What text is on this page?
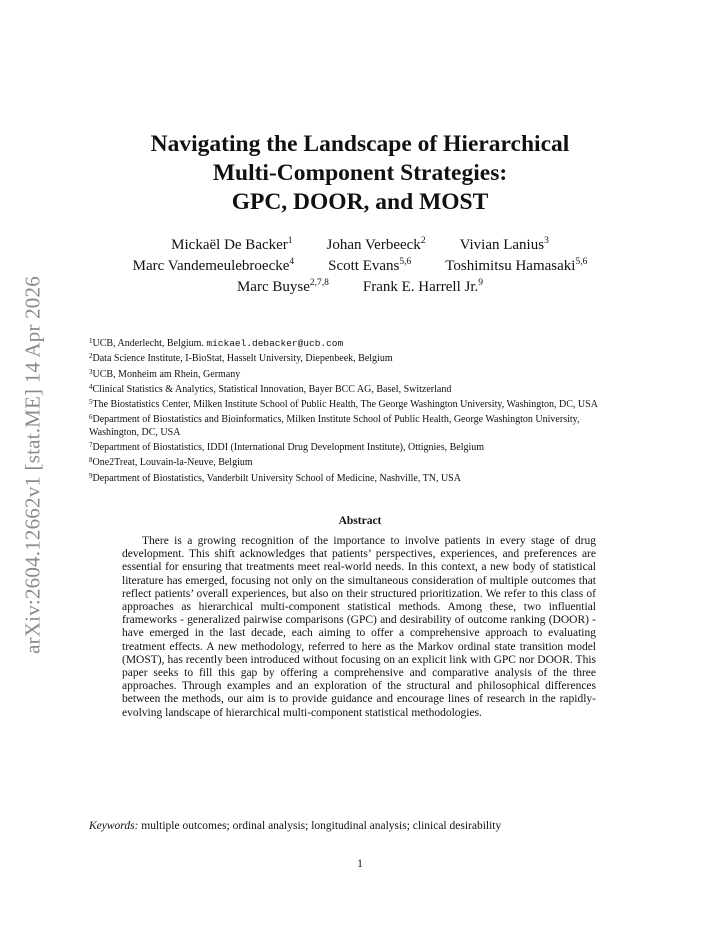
arXiv:2604.12662v1 [stat.ME] 14 Apr 2026
Navigating the Landscape of Hierarchical
Multi-Component Strategies:
GPC, DOOR, and MOST
Mickaël De Backer$^1$	Johan Verbeeck$^2$	Vivian Lanius$^3$
Marc Vandemeulebroecke$^4$	Scott Evans$^{5,6}$	Toshimitsu Hamasaki$^{5,6}$
Marc Buyse$^{2,7,8}$	Frank E. Harrell Jr.$^9$
$^1$UCB, Anderlecht, Belgium. mickael.debacker@ucb.com
$^2$Data Science Institute, I-BioStat, Hasselt University, Diepenbeek, Belgium
$^3$UCB, Monheim am Rhein, Germany
$^4$Clinical Statistics & Analytics, Statistical Innovation, Bayer BCC AG, Basel, Switzerland
$^5$The Biostatistics Center, Milken Institute School of Public Health, The George Washington University, Washington, DC, USA
$^6$Department of Biostatistics and Bioinformatics, Milken Institute School of Public Health, George Washington University, Washington, DC, USA
$^7$Department of Biostatistics, IDDI (International Drug Development Institute), Ottignies, Belgium
$^8$One2Treat, Louvain-la-Neuve, Belgium
$^9$Department of Biostatistics, Vanderbilt University School of Medicine, Nashville, TN, USA
Abstract

There is a growing recognition of the importance to involve patients in every stage of drug development. This shift acknowledges that patients’ perspectives, experiences, and preferences are essential for ensuring that treatments meet real-world needs. In this context, a new body of statistical literature has emerged, focusing not only on the simultaneous consideration of multiple outcomes that reflect patients’ overall experiences, but also on their structured prioritization. We refer to this class of approaches as hierarchical multi-component statistical methods. Among these, two influential frameworks - generalized pairwise comparisons (GPC) and desirability of outcome ranking (DOOR) - have emerged in the last decade, each aiming to offer a comprehensive approach to evaluating treatment effects. A new methodology, referred to here as the Markov ordinal state transition model (MOST), has recently been introduced without focusing on an explicit link with GPC nor DOOR. This paper seeks to fill this gap by offering a comprehensive and comparative analysis of the three approaches. Through examples and an exploration of the structural and philosophical differences between the methods, our aim is to provide guidance and encourage lines of research in the rapidly-evolving landscape of hierarchical multi-component statistical methodologies.

Keywords: multiple outcomes; ordinal analysis; longitudinal analysis; clinical desirability
1
